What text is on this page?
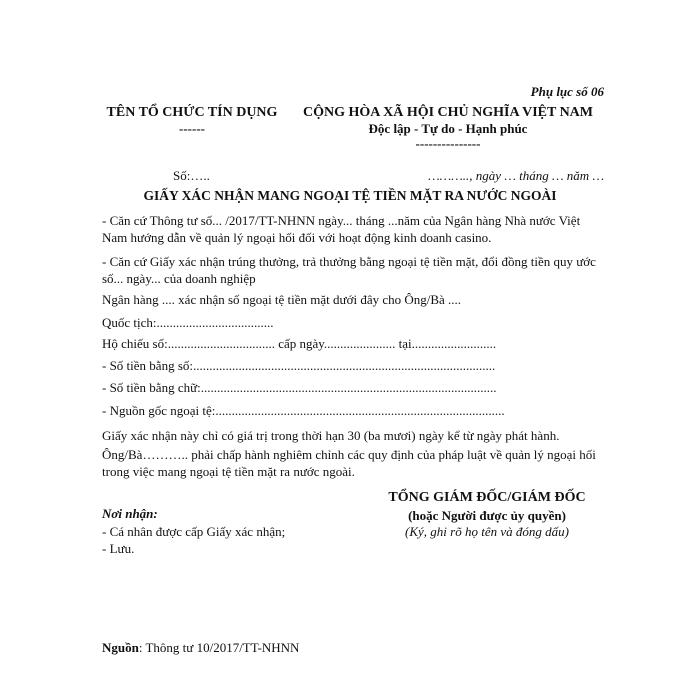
Phụ lục số 06
TÊN TỔ CHỨC TÍN DỤNG
------
CỘNG HÒA XÃ HỘI CHỦ NGHĨA VIỆT NAM
Độc lập - Tự do - Hạnh phúc
---------------
Số:…..	……….., ngày … tháng … năm …
GIẤY XÁC NHẬN MANG NGOẠI TỆ TIỀN MẶT RA NƯỚC NGOÀI
- Căn cứ Thông tư số... /2017/TT-NHNN ngày... tháng ...năm của Ngân hàng Nhà nước Việt Nam hướng dẫn về quản lý ngoại hối đối với hoạt động kinh doanh casino.
- Căn cứ Giấy xác nhận trúng thưởng, trả thưởng bằng ngoại tệ tiền mặt, đổi đồng tiền quy ước số... ngày... của doanh nghiệp
Ngân hàng .... xác nhận số ngoại tệ tiền mặt dưới đây cho Ông/Bà ....
Quốc tịch:....................................
Hộ chiếu số:................................. cấp ngày...................... tại..........................
- Số tiền bằng số:.............................................................................................
- Số tiền bằng chữ:...........................................................................................
- Nguồn gốc ngoại tệ:.........................................................................................
Giấy xác nhận này chỉ có giá trị trong thời hạn 30 (ba mươi) ngày kể từ ngày phát hành.
Ông/Bà……….. phải chấp hành nghiêm chỉnh các quy định của pháp luật về quản lý ngoại hối trong việc mang ngoại tệ tiền mặt ra nước ngoài.
Nơi nhận:
- Cá nhân được cấp Giấy xác nhận;
- Lưu.
TỔNG GIÁM ĐỐC/GIÁM ĐỐC
(hoặc Người được ủy quyền)
(Ký, ghi rõ họ tên và đóng dấu)
Nguồn: Thông tư 10/2017/TT-NHNN
